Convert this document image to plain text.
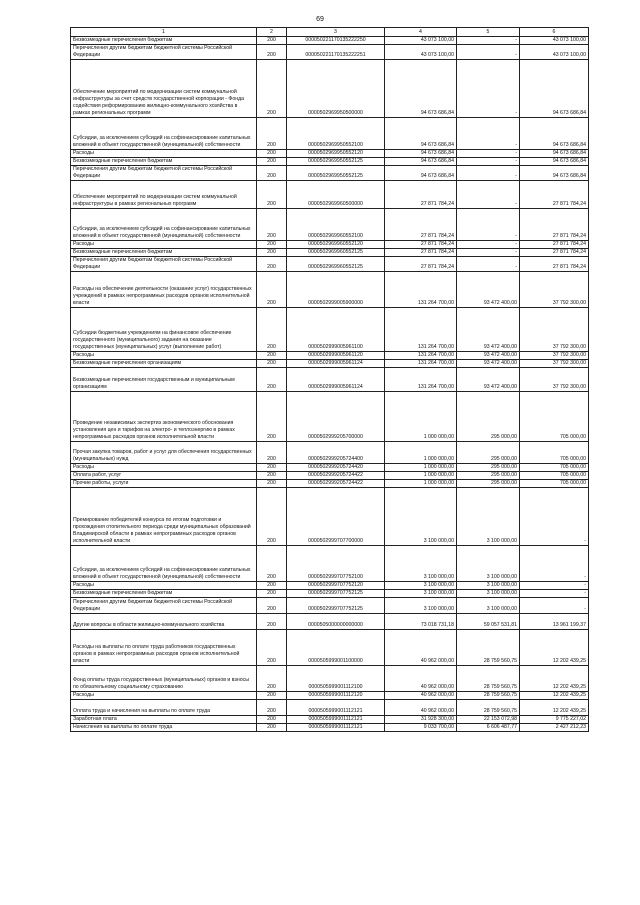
69
1	2	3	4	5	6
Безвозмездные перечисления бюджетам	200	000050221170135222250	43 073 100,00	-	43 073 100,00
Перечисления другим бюджетам бюджетной системы Российской Федерации	200	000050221170135222251	43 073 100,00	-	43 073 100,00
Обеспечение мероприятий по модернизации систем коммунальной инфраструктуры за счет средств государственной корпорации - Фонда содействия реформированию жилищно-коммунального хозяйства в рамках региональных программ	200	0000502969950500000	94 673 686,84	-	94 673 686,84
Субсидии, за исключением субсидий на софинансирование капитальных вложений в объект государственной (муниципальной) собственности	200	0000502969950552100	94 673 686,84	-	94 673 686,84
Расходы	200	0000502969950552120	94 673 686,84	-	94 673 686,84
Безвозмездные перечисления бюджетам	200	0000502969950552125	94 673 686,84	-	94 673 686,84
Перечисления другим бюджетам бюджетной системы Российской Федерации	200	0000502969950552125	94 673 686,84	-	94 673 686,84
Обеспечение мероприятий по модернизации систем коммунальной инфраструктуры в рамках региональных программ	200	0000502969960500000	27 871 784,24	-	27 871 784,24
Субсидии, за исключением субсидий на софинансирование капитальных вложений в объект государственной (муниципальной) собственности	200	0000502969960552100	27 871 784,24	-	27 871 784,24
Расходы	200	0000502969960552120	27 871 784,24	-	27 871 784,24
Безвозмездные перечисления бюджетам	200	0000502969960552125	27 871 784,24	-	27 871 784,24
Перечисления другим бюджетам бюджетной системы Российской Федерации	200	0000502969960552125	27 871 784,24	-	27 871 784,24
Расходы на обеспечение деятельности (оказание услуг) государственных учреждений в рамках непрограммных расходов органов исполнительной власти	200	0000502999005900000	131 264 700,00	93 472 400,00	37 792 300,00
Субсидии бюджетным учреждениям на финансовое обеспечение государственного (муниципального) задания на оказание государственных (муниципальных) услуг (выполнение работ)	200	0000502999005961100	131 264 700,00	93 472 400,00	37 792 300,00
Расходы	200	0000502999005961120	131 264 700,00	93 472 400,00	37 792 300,00
Безвозмездные перечисления организациям	200	0000502999005961124	131 264 700,00	93 472 400,00	37 792 300,00
Безвозмездные перечисления государственным и муниципальным организациям	200	0000502999005961124	131 264 700,00	93 472 400,00	37 792 300,00
Проведение независимых экспертиз экономического обоснования установления цен и тарифов на электро- и теплоэнергию в рамках непрограммных расходов органов исполнительной власти	200	0000502999205700000	1 000 000,00	295 000,00	705 000,00
Прочая закупка товаров, работ и услуг для обеспечения государственных (муниципальных) нужд	200	0000502999205724400	1 000 000,00	295 000,00	705 000,00
Расходы	200	0000502999205724420	1 000 000,00	295 000,00	705 000,00
Оплата работ, услуг	200	0000502999205724422	1 000 000,00	295 000,00	705 000,00
Прочие работы, услуги	200	0000502999205724422	1 000 000,00	295 000,00	705 000,00
Премирование победителей конкурса по итогам подготовки и прохождения отопительного периода среди муниципальных образований Владимирской области в рамках непрограммных расходов органов исполнительной власти	200	0000502999707700000	3 100 000,00	3 100 000,00	-
Субсидии, за исключением субсидий на софинансирование капитальных вложений в объект государственной (муниципальной) собственности	200	0000502999707752100	3 100 000,00	3 100 000,00	-
Расходы	200	0000502999707752120	3 100 000,00	3 100 000,00	-
Безвозмездные перечисления бюджетам	200	0000502999707752125	3 100 000,00	3 100 000,00	-
Перечисления другим бюджетам бюджетной системы Российской Федерации	200	0000502999707752125	3 100 000,00	3 100 000,00	-
Другие вопросы в области жилищно-коммунального хозяйства	200	0000505000000000000	73 018 731,18	59 057 531,81	13 961 199,37
Расходы на выплаты по оплате труда работников государственных органов в рамках непрограммных расходов органов исполнительной власти	200	0000505999001100000	40 962 000,00	28 759 560,75	12 202 439,25
Фонд оплаты труда государственных (муниципальных) органов и взносы по обязательному социальному страхованию	200	0000505999001112100	40 962 000,00	28 759 560,75	12 202 439,25
Расходы	200	0000505999001112120	40 962 000,00	28 759 560,75	12 202 439,25
Оплата труда и начисления на выплаты по оплате труда	200	0000505999001112121	40 962 000,00	28 759 560,75	12 202 439,25
Заработная плата	200	0000505999001112121	31 928 300,00	22 153 072,98	9 775 227,02
Начисления на выплаты по оплате труда	200	0000505999001112121	9 033 700,00	6 606 487,77	2 427 212,23
